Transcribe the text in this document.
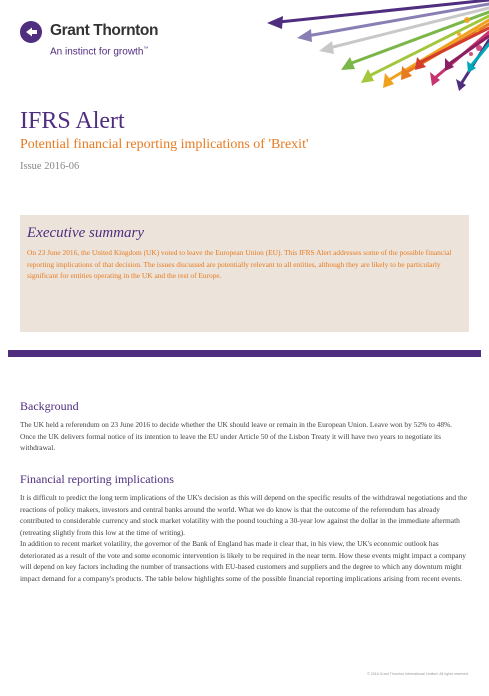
Grant Thornton
An instinct for growth™
IFRS Alert
Potential financial reporting implications of 'Brexit'
Issue 2016-06
Executive summary
On 23 June 2016, the United Kingdom (UK) voted to leave the European Union (EU). This IFRS Alert addresses some of the possible financial reporting implications of that decision. The issues discussed are potentially relevant to all entities, although they are likely to be particularly significant for entities operating in the UK and the rest of Europe.
Background
The UK held a referendum on 23 June 2016 to decide whether the UK should leave or remain in the European Union. Leave won by 52% to 48%. Once the UK delivers formal notice of its intention to leave the EU under Article 50 of the Lisbon Treaty it will have two years to negotiate its withdrawal.
Financial reporting implications
It is difficult to predict the long term implications of the UK's decision as this will depend on the specific results of the withdrawal negotiations and the reactions of policy makers, investors and central banks around the world. What we do know is that the outcome of the referendum has already contributed to considerable currency and stock market volatility with the pound touching a 30-year low against the dollar in the immediate aftermath (retreating slightly from this low at the time of writing).
In addition to recent market volatility, the governor of the Bank of England has made it clear that, in his view, the UK's economic outlook has deteriorated as a result of the vote and some economic intervention is likely to be required in the near term. How these events might impact a company will depend on key factors including the number of transactions with EU-based customers and suppliers and the degree to which any downturn might impact demand for a company's products. The table below highlights some of the possible financial reporting implications arising from recent events.
© 2016 Grant Thornton International Limited. All rights reserved.
